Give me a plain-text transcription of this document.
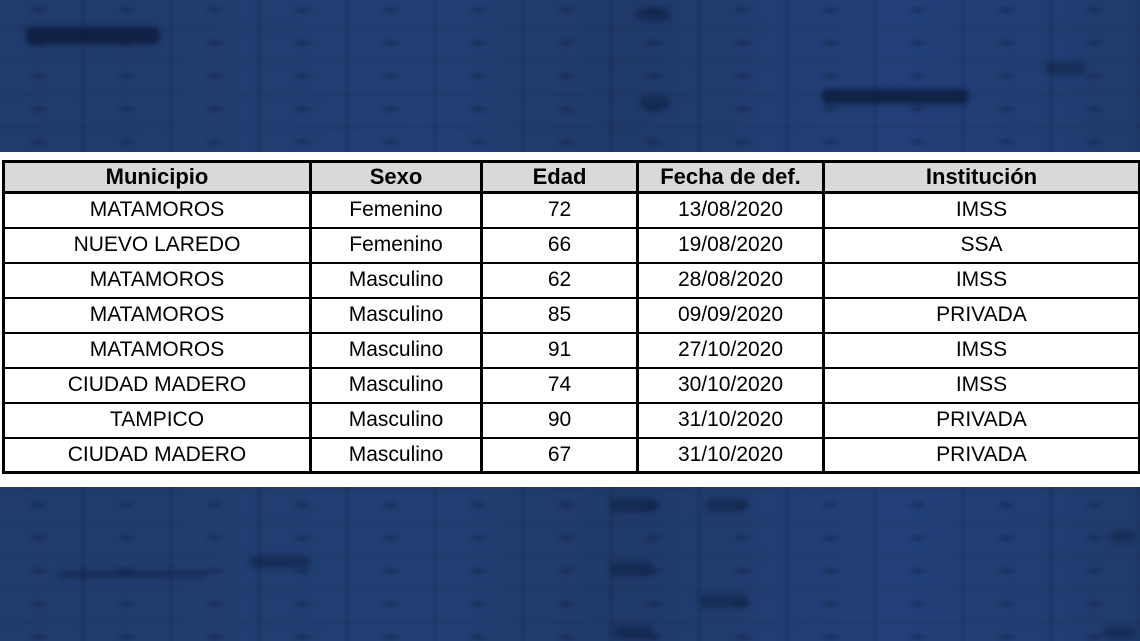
Municipio	Sexo	Edad	Fecha de def.	Institución
MATAMOROS	Femenino	72	13/08/2020	IMSS
NUEVO LAREDO	Femenino	66	19/08/2020	SSA
MATAMOROS	Masculino	62	28/08/2020	IMSS
MATAMOROS	Masculino	85	09/09/2020	PRIVADA
MATAMOROS	Masculino	91	27/10/2020	IMSS
CIUDAD MADERO	Masculino	74	30/10/2020	IMSS
TAMPICO	Masculino	90	31/10/2020	PRIVADA
CIUDAD MADERO	Masculino	67	31/10/2020	PRIVADA
